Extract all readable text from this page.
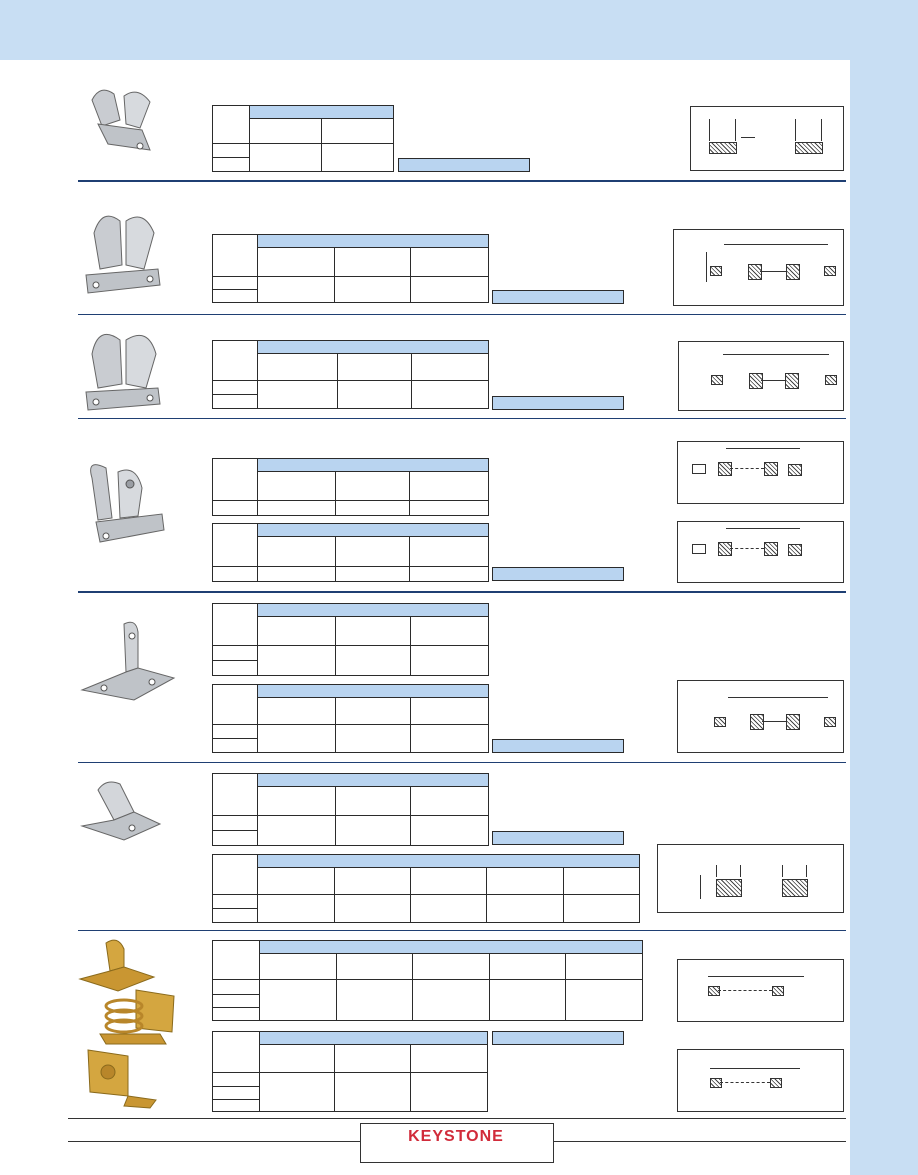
KEYSTONE
